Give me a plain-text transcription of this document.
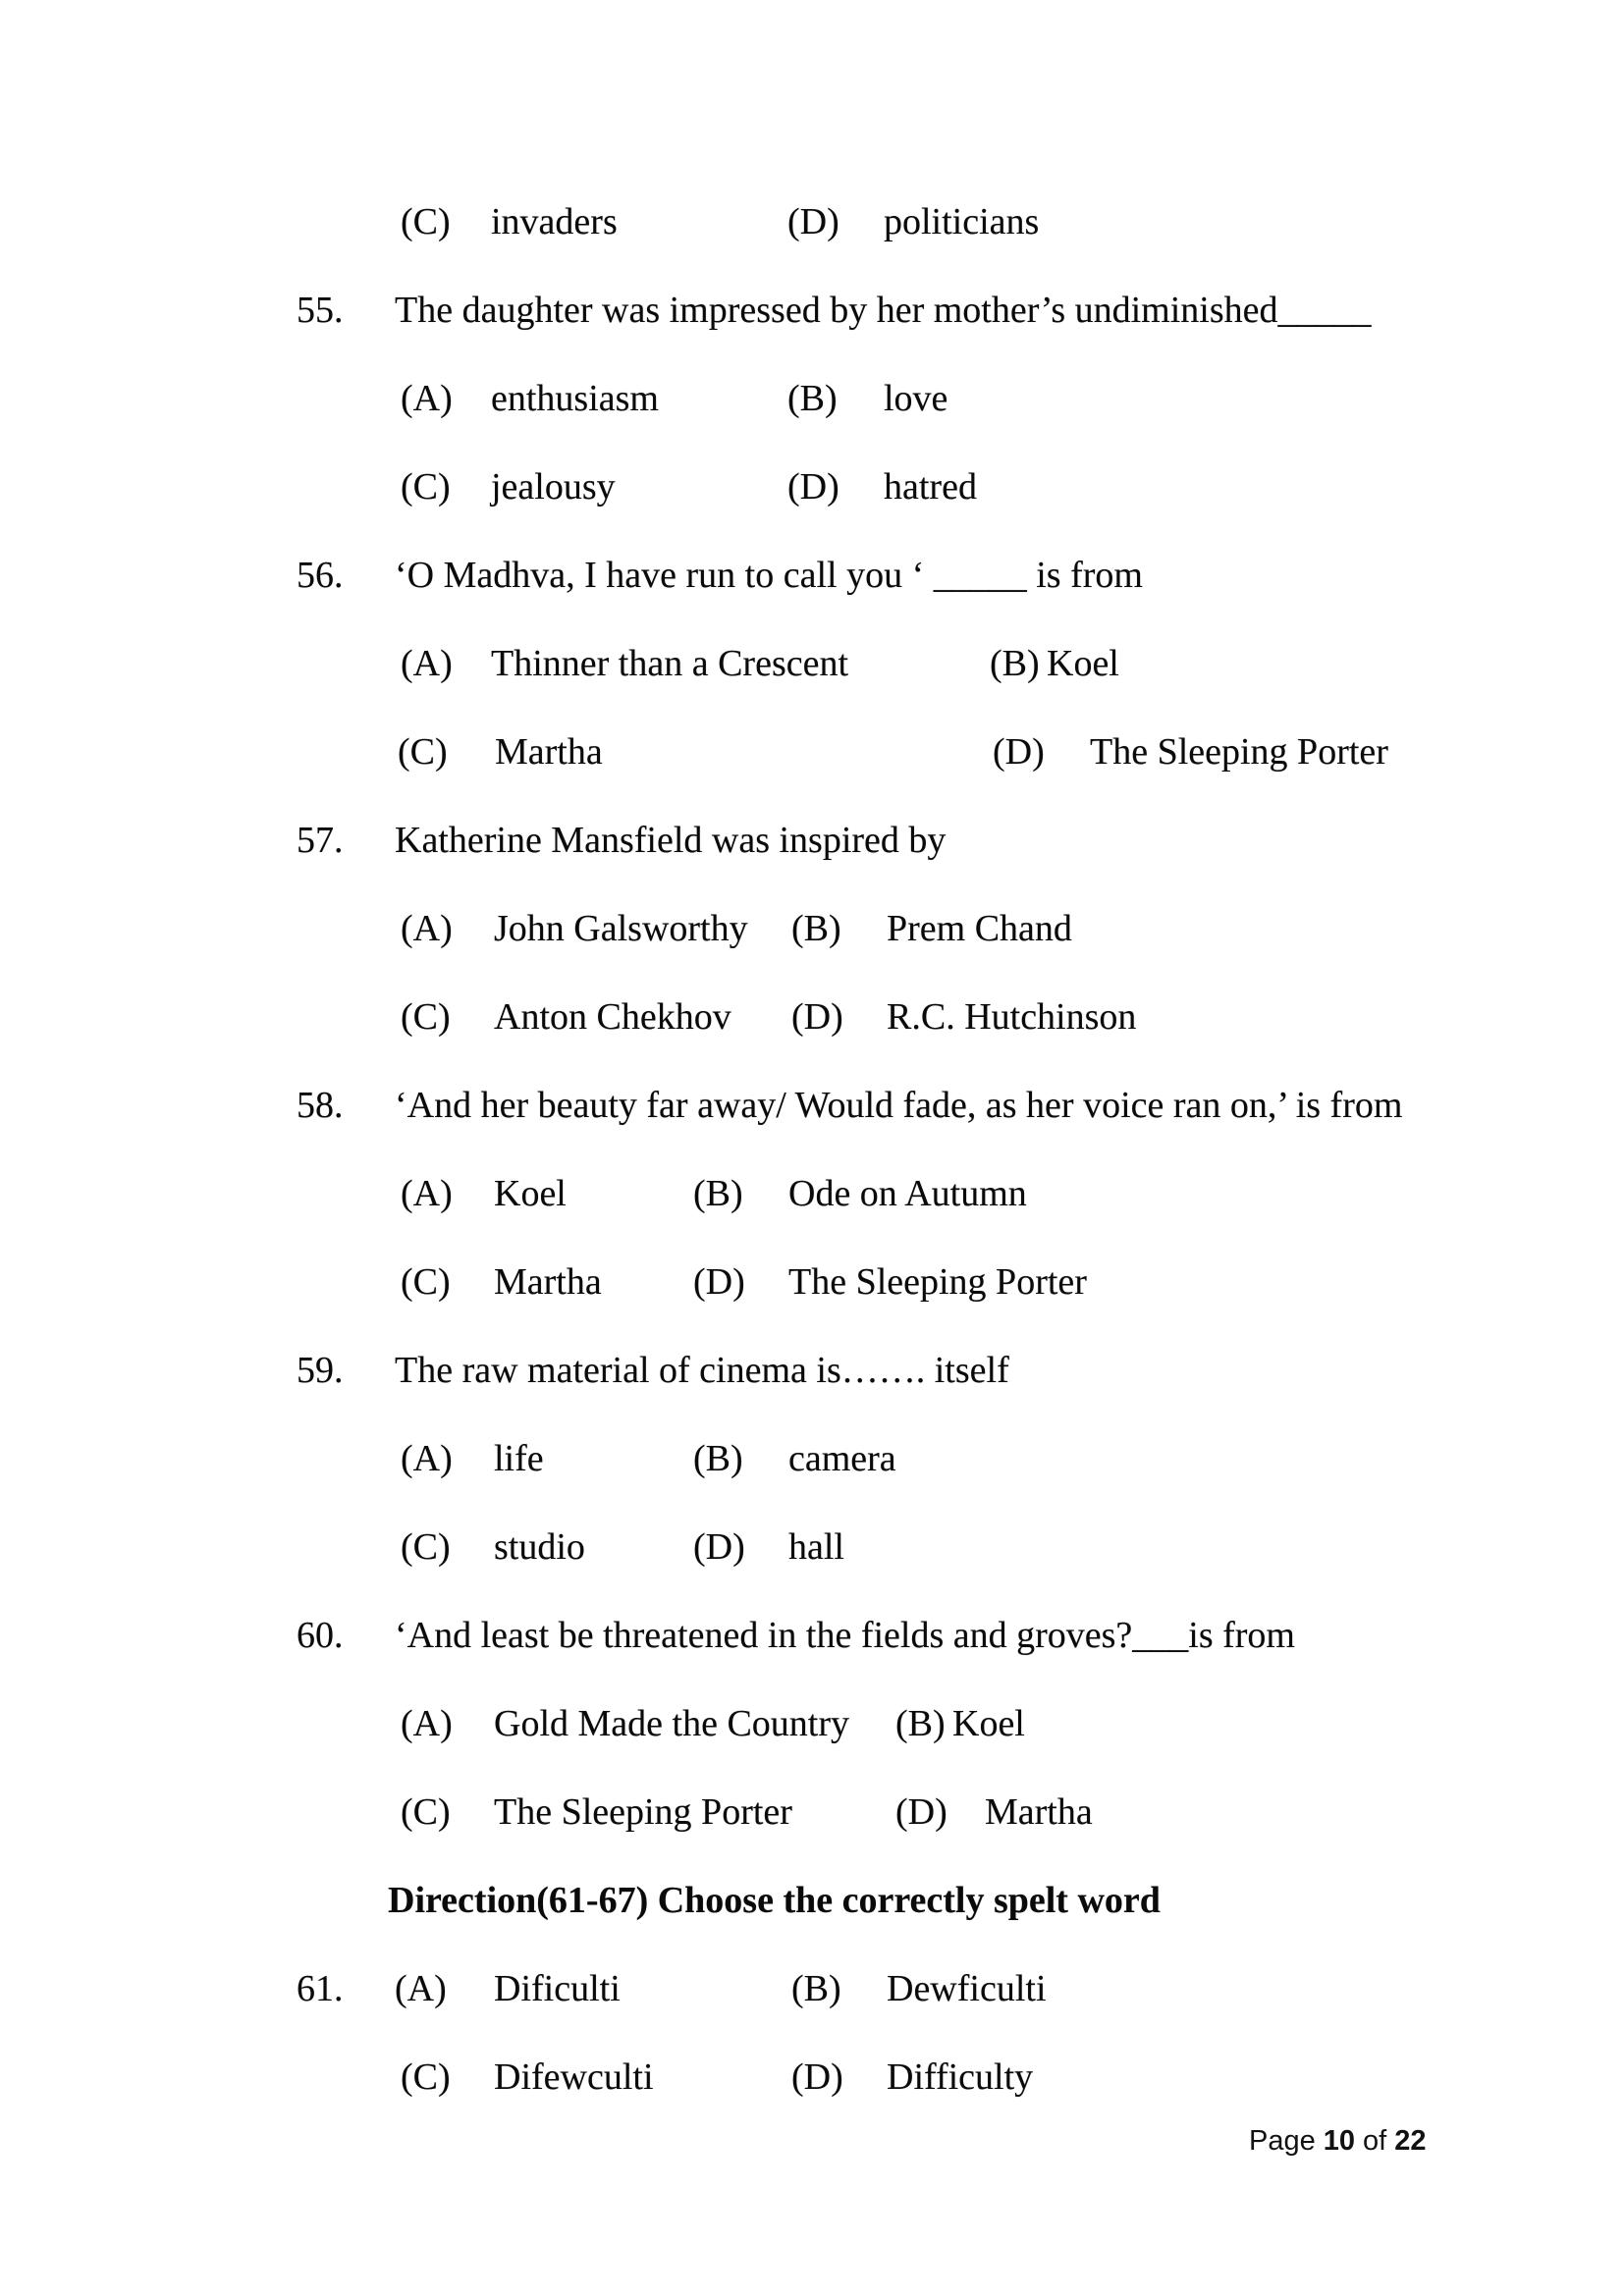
(C) invaders	(D) politicians
55. The daughter was impressed by her mother’s undiminished_____
(A) enthusiasm	(B) love
(C) jealousy	(D) hatred
56. ‘O Madhva, I have run to call you ‘ _____ is from
(A) Thinner than a Crescent	(B) Koel
(C) Martha	(D) The Sleeping Porter
57. Katherine Mansfield was inspired by
(A) John Galsworthy (B) Prem Chand
(C) Anton Chekhov (D) R.C. Hutchinson
58. ‘And her beauty far away/ Would fade, as her voice ran on,’ is from
(A) Koel	(B) Ode on Autumn
(C) Martha (D) The Sleeping Porter
59. The raw material of cinema is……. itself
(A) life	(B) camera
(C) studio	(D) hall
60. ‘And least be threatened in the fields and groves?___is from
(A) Gold Made the Country (B) Koel
(C) The Sleeping Porter	(D) Martha
Direction(61-67) Choose the correctly spelt word
61. (A) Dificulti	(B) Dewficulti
(C) Difewculti	(D) Difficulty
Page 10 of 22
